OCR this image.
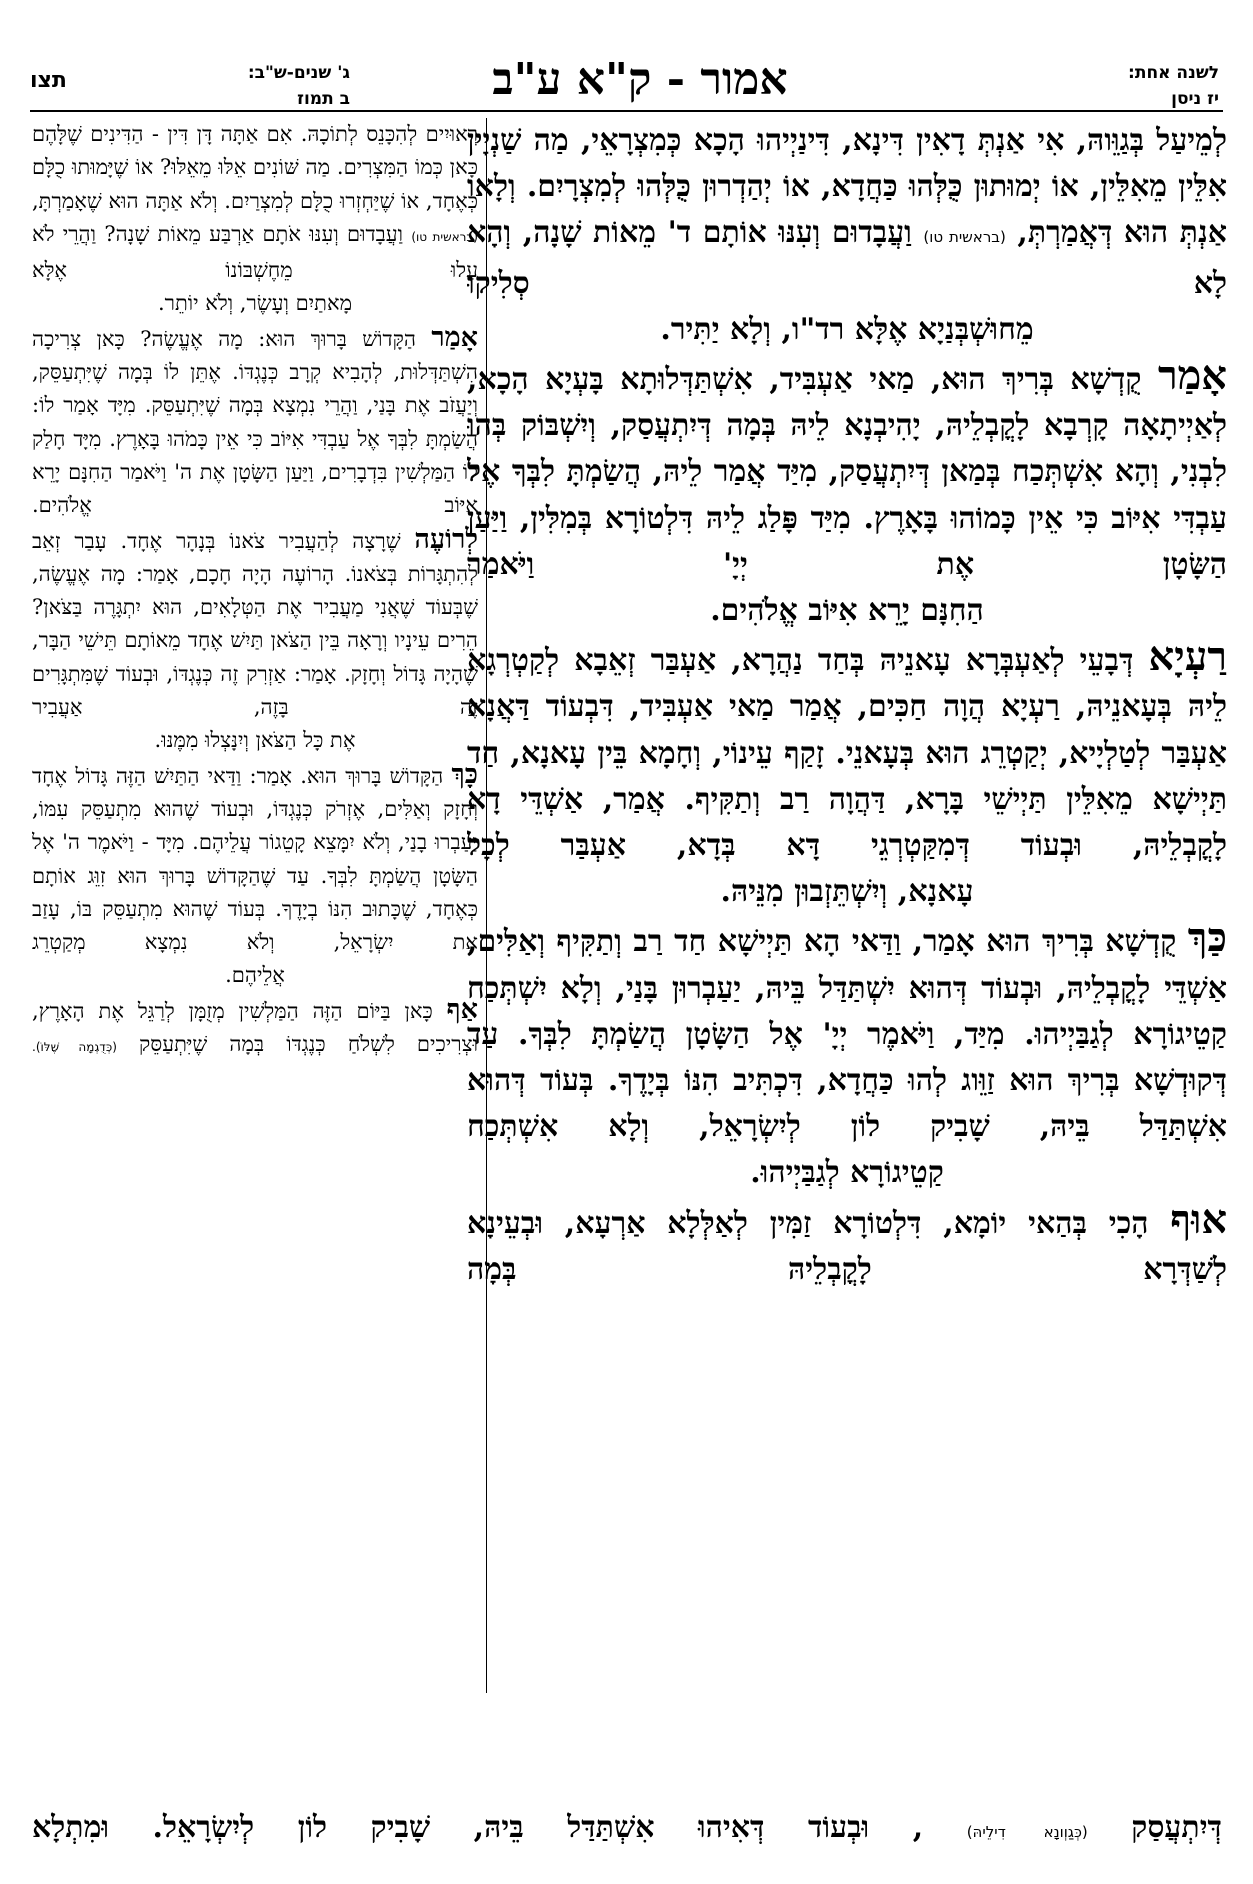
לשנה אחת:
יז ניסן
אמור - ק"א ע"ב
ג' שנים-ש"ב:
ב תמוז
תצו

לְמֵיעַל בְּגַוֵּוהּ, אִי אַנְתְּ דָאִין דִּינָא, דִּינַיְיהוּ הָכָא כְּמִצְרָאֵי, מַה שַׁנְיָין אִלֵּין מֵאִלֵּין, אוֹ יְמוּתוּן כֻּלְּהוּ כַּחֲדָא, אוֹ יְהַדְרוּן כֻּלְּהוּ לְמִצְרָיִם. וְלָאו אַנְתְּ הוּא דְּאֲמַרְתְּ, (בראשית טו) וַעֲבָדוּם וְעִנּוּ אוֹתָם ד' מֵאוֹת שָׁנָה, וְהָא לָא סְלִיקוּ
מֵחוּשְׁבְּנַיָא אֶלָּא רד"ו, וְלָא יַתִּיר.

אָמַר קֻדְשָׁא בְּרִיךְ הוּא, מַאי אַעְבִּיד, אִשְׁתַּדְּלוּתָא בָּעְיָא הָכָא, לְאַיְיתָאָה קָרְבָא לָקֳבְלֵיהּ, יָהִיבְנָא לֵיהּ בְּמָה דְּיִתְעֲסַק, וְיִשְׁבּוֹק בְּהוּ לִבְנִי, וְהָא אִשְׁתְּכַח בְּמַאן דְּיִתְעֲסַק, מִיַּד אֲמַר לֵיהּ, הֲשַׂמְתָּ לִבְּךָ אֶל עַבְדִּי אִיּוֹב כִּי אֵין כָּמוֹהוּ בָּאָרֶץ. מִיַּד פָּלַג לֵיהּ דִּלְטוֹרָא בְּמִלִּין, וַיַּעַן הַשָּׂטָן אֶת יְיָ' וַיֹּאמַר
הַחִנָּם יָרֵא אִיּוֹב אֱלֹהִים.

רַעְיָא דְּבָעֵי לְאַעְבְּרָא עָאנֵיהּ בְּחַד נַהֲרָא, אַעְבַּר זְאֵבָא לְקַטְרְגָא לֵיהּ בְּעָאנֵיהּ, רַעְיָא הֲוָה חַכִּים, אֲמַר מַאי אַעְבִּיד, דִּבְעוֹד דַּאֲנָא אַעְבַּר לְטַלְיָיא, יְקַטְרֵג הוּא בְּעָאנֵי. זָקַף עֵינוֹי, וְחָמָא בֵּין עָאנָא, חַד תַּיְישָׁא מֵאִלֵּין תַּיְישֵׁי בָּרָא, דַּהֲוָה רַב וְתַקִּיף. אֲמַר, אַשְׁדֵּי דָא לָקֳבְלֵיהּ, וּבְעוֹד דְּמִקַּטְרְגֵי דָּא בְּדָא, אַעְבַּר לְכָל
עָאנָא, וְיִשְׁתֵּזְבוּן מִנֵּיהּ.

כַּךְ קֻדְשָׁא בְּרִיךְ הוּא אָמַר, וַדַּאי הָא תַּיְישָׁא חַד רַב וְתַקִּיף וְאַלִּים, אַשְׁדֵּי לָקֳבְלֵיהּ, וּבְעוֹד דְּהוּא יִשְׁתַּדַּל בֵּיהּ, יַעַבְרוּן בָּנַי, וְלָא יִשְׁתְּכַח קַטֵיגוֹרָא לְגַבַּיְיהוּ. מִיַּד, וַיֹּאמֶר יְיָ' אֶל הַשָּׂטָן הֲשַׂמְתָּ לִבְּךָ. עַד דְּקוּדְשָׁא בְּרִיךְ הוּא זַוֵּוג לְהוּ כַּחֲדָא, דִּכְתִּיב הִנּוֹ בְּיָדֶךָ. בְּעוֹד דְּהוּא אִשְׁתַּדַּל בֵּיהּ, שָׁבִיק לוֹן לְיִשְׂרָאֵל, וְלָא אִשְׁתְּכַח
קַטֵיגוֹרָא לְגַבַּיְיהוּ.

אוּף הָכִי בְּהַאי יוֹמָא, דִּלְטוֹרָא זַמִּין לְאַלְּלָא אַרְעָא, וּבְעֵינָא לְשַׁדְּרָא לָקֳבְלֵיהּ בְּמָה

רְאוּיִים לְהִכָּנֵס לְתוֹכָהּ. אִם אַתָּה דָּן דִּין - הַדִּינִים שֶׁלָּהֶם כָּאן כְּמוֹ הַמִּצְרִים. מַה שּׁוֹנִים אֵלּוּ מֵאֵלּוּ? אוֹ שֶׁיָּמוּתוּ כֻלָּם כְּאֶחָד, אוֹ שֶׁיַּחְזְרוּ כֻלָּם לְמִצְרַיִם. וְלֹא אַתָּה הוּא שֶׁאָמַרְתָּ, (בראשית טו) וַעֲבָדוּם וְעִנּוּ אֹתָם אַרְבַּע מֵאוֹת שָׁנָה? וַהֲרֵי לֹא עָלוּ מֵחֶשְׁבּוֹנוֹ אֶלָּא
מָאתַיִם וְעָשֶׂר, וְלֹא יוֹתֵר.

אָמַר הַקָּדוֹשׁ בָּרוּךְ הוּא: מָה אֶעֱשֶׂה? כָּאן צְרִיכָה הִשְׁתַּדְּלוּת, לְהָבִיא קְרָב כְּנֶגְדּוֹ. אֶתֵּן לוֹ בְּמָה שֶׁיִּתְעַסֵּק, וְיַעֲזֹב אֶת בָּנַי, וַהֲרֵי נִמְצָא בְּמָה שֶׁיִּתְעַסֵּק. מִיָּד אָמַר לוֹ: הֲשַׂמְתָּ לִבְּךָ אֶל עַבְדִּי אִיּוֹב כִּי אֵין כָּמֹהוּ בָּאָרֶץ. מִיָּד חָלַק לוֹ הַמַּלְשִׁין בִּדְבָרִים, וַיַּעַן הַשָּׂטָן אֶת ה' וַיֹּאמַר הַחִנָּם יָרֵא אִיּוֹב אֱלֹהִים.

לְרוֹעֶה שֶׁרָצָה לְהַעֲבִיר צֹאנוֹ בְּנָהָר אֶחָד. עָבַר זְאֵב לְהִתְגָּרוֹת בְּצֹאנוֹ. הָרוֹעֶה הָיָה חָכָם, אָמַר: מָה אֶעֱשֶׂה, שֶׁבְּעוֹד שֶׁאֲנִי מַעֲבִיר אֶת הַטְּלָאִים, הוּא יִתְגָּרֶה בַּצֹּאן? הֵרִים עֵינָיו וְרָאָה בֵּין הַצֹּאן תַּיִשׁ אֶחָד מֵאוֹתָם תֵּישֵׁי הַבָּר, שֶׁהָיָה גָּדוֹל וְחָזָק. אָמַר: אַזְרִק זֶה כְּנֶגְדּוֹ, וּבְעוֹד שֶׁמִּתְגָּרִים זֶה בָּזֶה, אַעֲבִיר
אֶת כָּל הַצֹּאן וְיִנָּצְלוּ מִמֶּנּוּ.

כָּךְ הַקָּדוֹשׁ בָּרוּךְ הוּא. אָמַר: וַדַּאי הַתַּיִשׁ הַזֶּה גָּדוֹל אֶחָד וְחָזָק וְאַלִּים, אֶזְרֹק כְּנֶגְדּוֹ, וּבְעוֹד שֶׁהוּא מִתְעַסֵּק עִמּוֹ, יַעַבְרוּ בָנַי, וְלֹא יִמָּצֵא קָטֵגוֹר עֲלֵיהֶם. מִיָּד - וַיֹּאמֶר ה' אֶל הַשָּׂטָן הֲשַׂמְתָּ לִבְּךָ. עַד שֶׁהַקָּדוֹשׁ בָּרוּךְ הוּא זִוֵּג אוֹתָם כְּאֶחָד, שֶׁכָּתוּב הִנּוֹ בְיָדֶךָ. בְּעוֹד שֶׁהוּא מִתְעַסֵּק בּוֹ, עָזַב אֶת יִשְׂרָאֵל, וְלֹא נִמְצָא מְקַטְרֵג
אֲלֵיהֶם.

אַף כָּאן בַּיּוֹם הַזֶּה הַמַּלְשִׁין מְזֻמָּן לְרַגֵּל אֶת הָאָרֶץ, וּצְרִיכִים לִשְׁלֹחַ כְּנֶגְדּוֹ בְּמָה שֶׁיִּתְעַסֵּק (כְּדֻגְמָה שֶׁלּוֹ).

דְּיִתְעֲסַק (כְּגַוְונָא דִילֵיהּ) , וּבְעוֹד דְּאִיהוּ אִשְׁתַּדַּל בֵּיהּ, שָׁבִיק לוֹן לְיִשְׂרָאֵל. וּמִתְלָא
